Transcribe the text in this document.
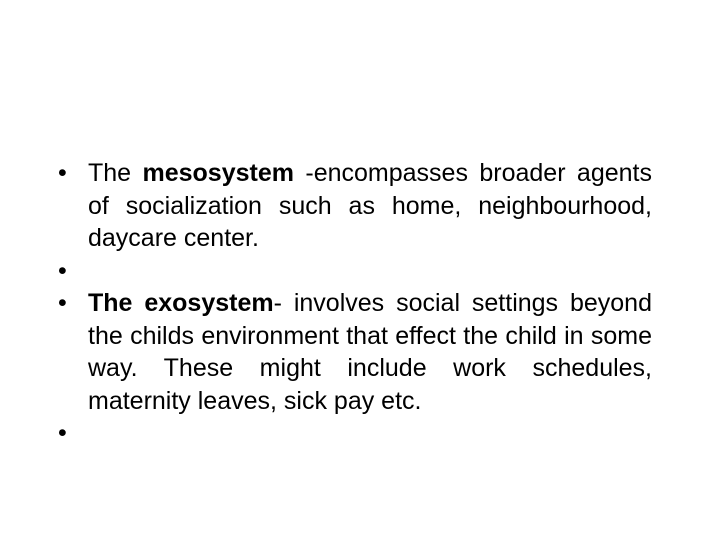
• The mesosystem -encompasses broader agents of socialization such as home, neighbourhood, daycare center.
•
• The exosystem- involves social settings beyond the childs environment that effect the child in some way. These might include work schedules, maternity leaves, sick pay etc.
•
